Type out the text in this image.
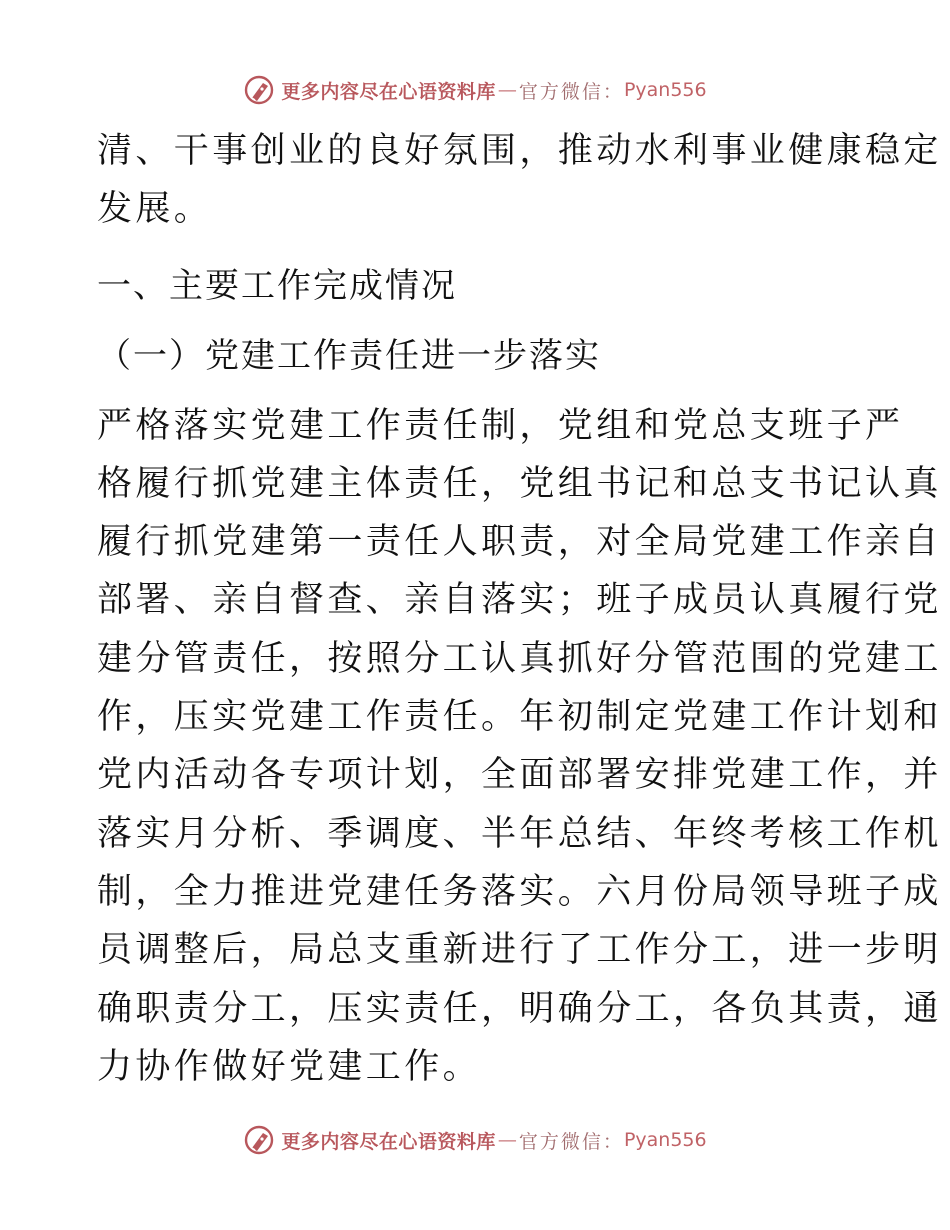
更多内容尽在心语资料库 — 官方微信： Pyan556
清、干事创业的良好氛围，推动水利事业健康稳定
发展。
一、主要工作完成情况
（一）党建工作责任进一步落实
严格落实党建工作责任制，党组和党总支班子严
格履行抓党建主体责任，党组书记和总支书记认真
履行抓党建第一责任人职责，对全局党建工作亲自
部署、亲自督查、亲自落实；班子成员认真履行党
建分管责任，按照分工认真抓好分管范围的党建工
作，压实党建工作责任。年初制定党建工作计划和
党内活动各专项计划，全面部署安排党建工作，并
落实月分析、季调度、半年总结、年终考核工作机
制，全力推进党建任务落实。六月份局领导班子成
员调整后，局总支重新进行了工作分工，进一步明
确职责分工，压实责任，明确分工，各负其责，通
力协作做好党建工作。
更多内容尽在心语资料库 — 官方微信： Pyan556
